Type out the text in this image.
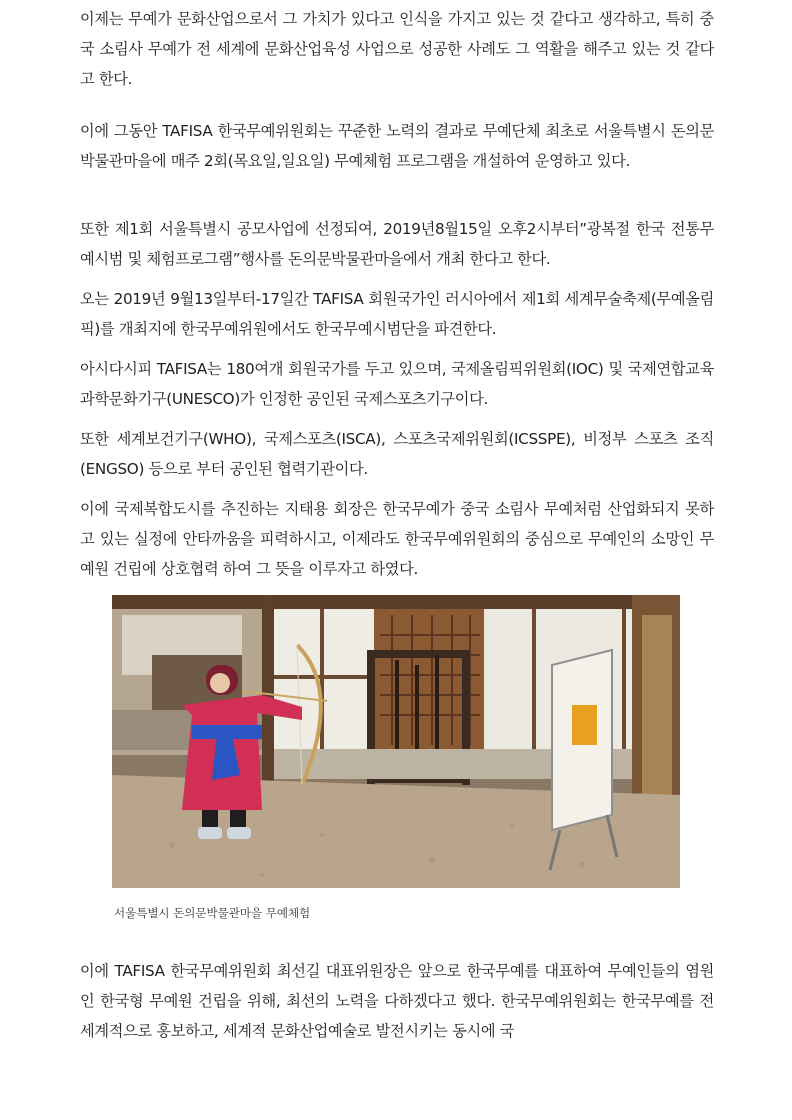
이제는 무예가 문화산업으로서 그 가치가 있다고 인식을 가지고 있는 것 같다고 생각하고, 특히 중국 소림사 무예가 전 세계에 문화산업육성 사업으로 성공한 사례도 그 역활을 해주고 있는 것 같다고 한다.

이에 그동안 TAFISA 한국무예위원회는 꾸준한 노력의 결과로 무예단체 최초로 서울특별시 돈의문박물관마을에 매주 2회(목요일,일요일) 무예체험 프로그램을 개설하여 운영하고 있다.

또한 제1회 서울특별시 공모사업에 선정되여, 2019년8월15일 오후2시부터”광복절 한국 전통무예시범 및 체험프로그램”행사를 돈의문박물관마을에서 개최 한다고 한다.

오는 2019년 9월13일부터-17일간 TAFISA 회원국가인 러시아에서 제1회 세계무술축제(무예올림픽)를 개최지에 한국무예위원에서도 한국무예시범단을 파견한다.

아시다시피 TAFISA는 180여개 회원국가를 두고 있으며, 국제올림픽위원회(IOC) 및 국제연합교육과학문화기구(UNESCO)가 인정한 공인된 국제스포츠기구이다.

또한 세계보건기구(WHO), 국제스포츠(ISCA), 스포츠국제위원회(ICSSPE), 비정부 스포츠 조직 (ENGSO) 등으로 부터 공인된 협력기관이다.

이에 국제복합도시를 추진하는 지태용 회장은 한국무예가 중국 소림사 무예처럼 산업화되지 못하고 있는 실정에 안타까움을 피력하시고, 이제라도 한국무예위원회의 중심으로 무예인의 소망인 무예원 건립에 상호협력 하여 그 뜻을 이루자고 하였다.

서울특별시 돈의문박물관마을 무예체험

이에 TAFISA 한국무예위원회 최선길 대표위원장은 앞으로 한국무예를 대표하여 무예인들의 염원인 한국형 무예원 건립을 위해, 최선의 노력을 다하겠다고 했다. 한국무예위원회는 한국무예를 전 세계적으로 홍보하고, 세계적 문화산업예술로 발전시키는 동시에 국
